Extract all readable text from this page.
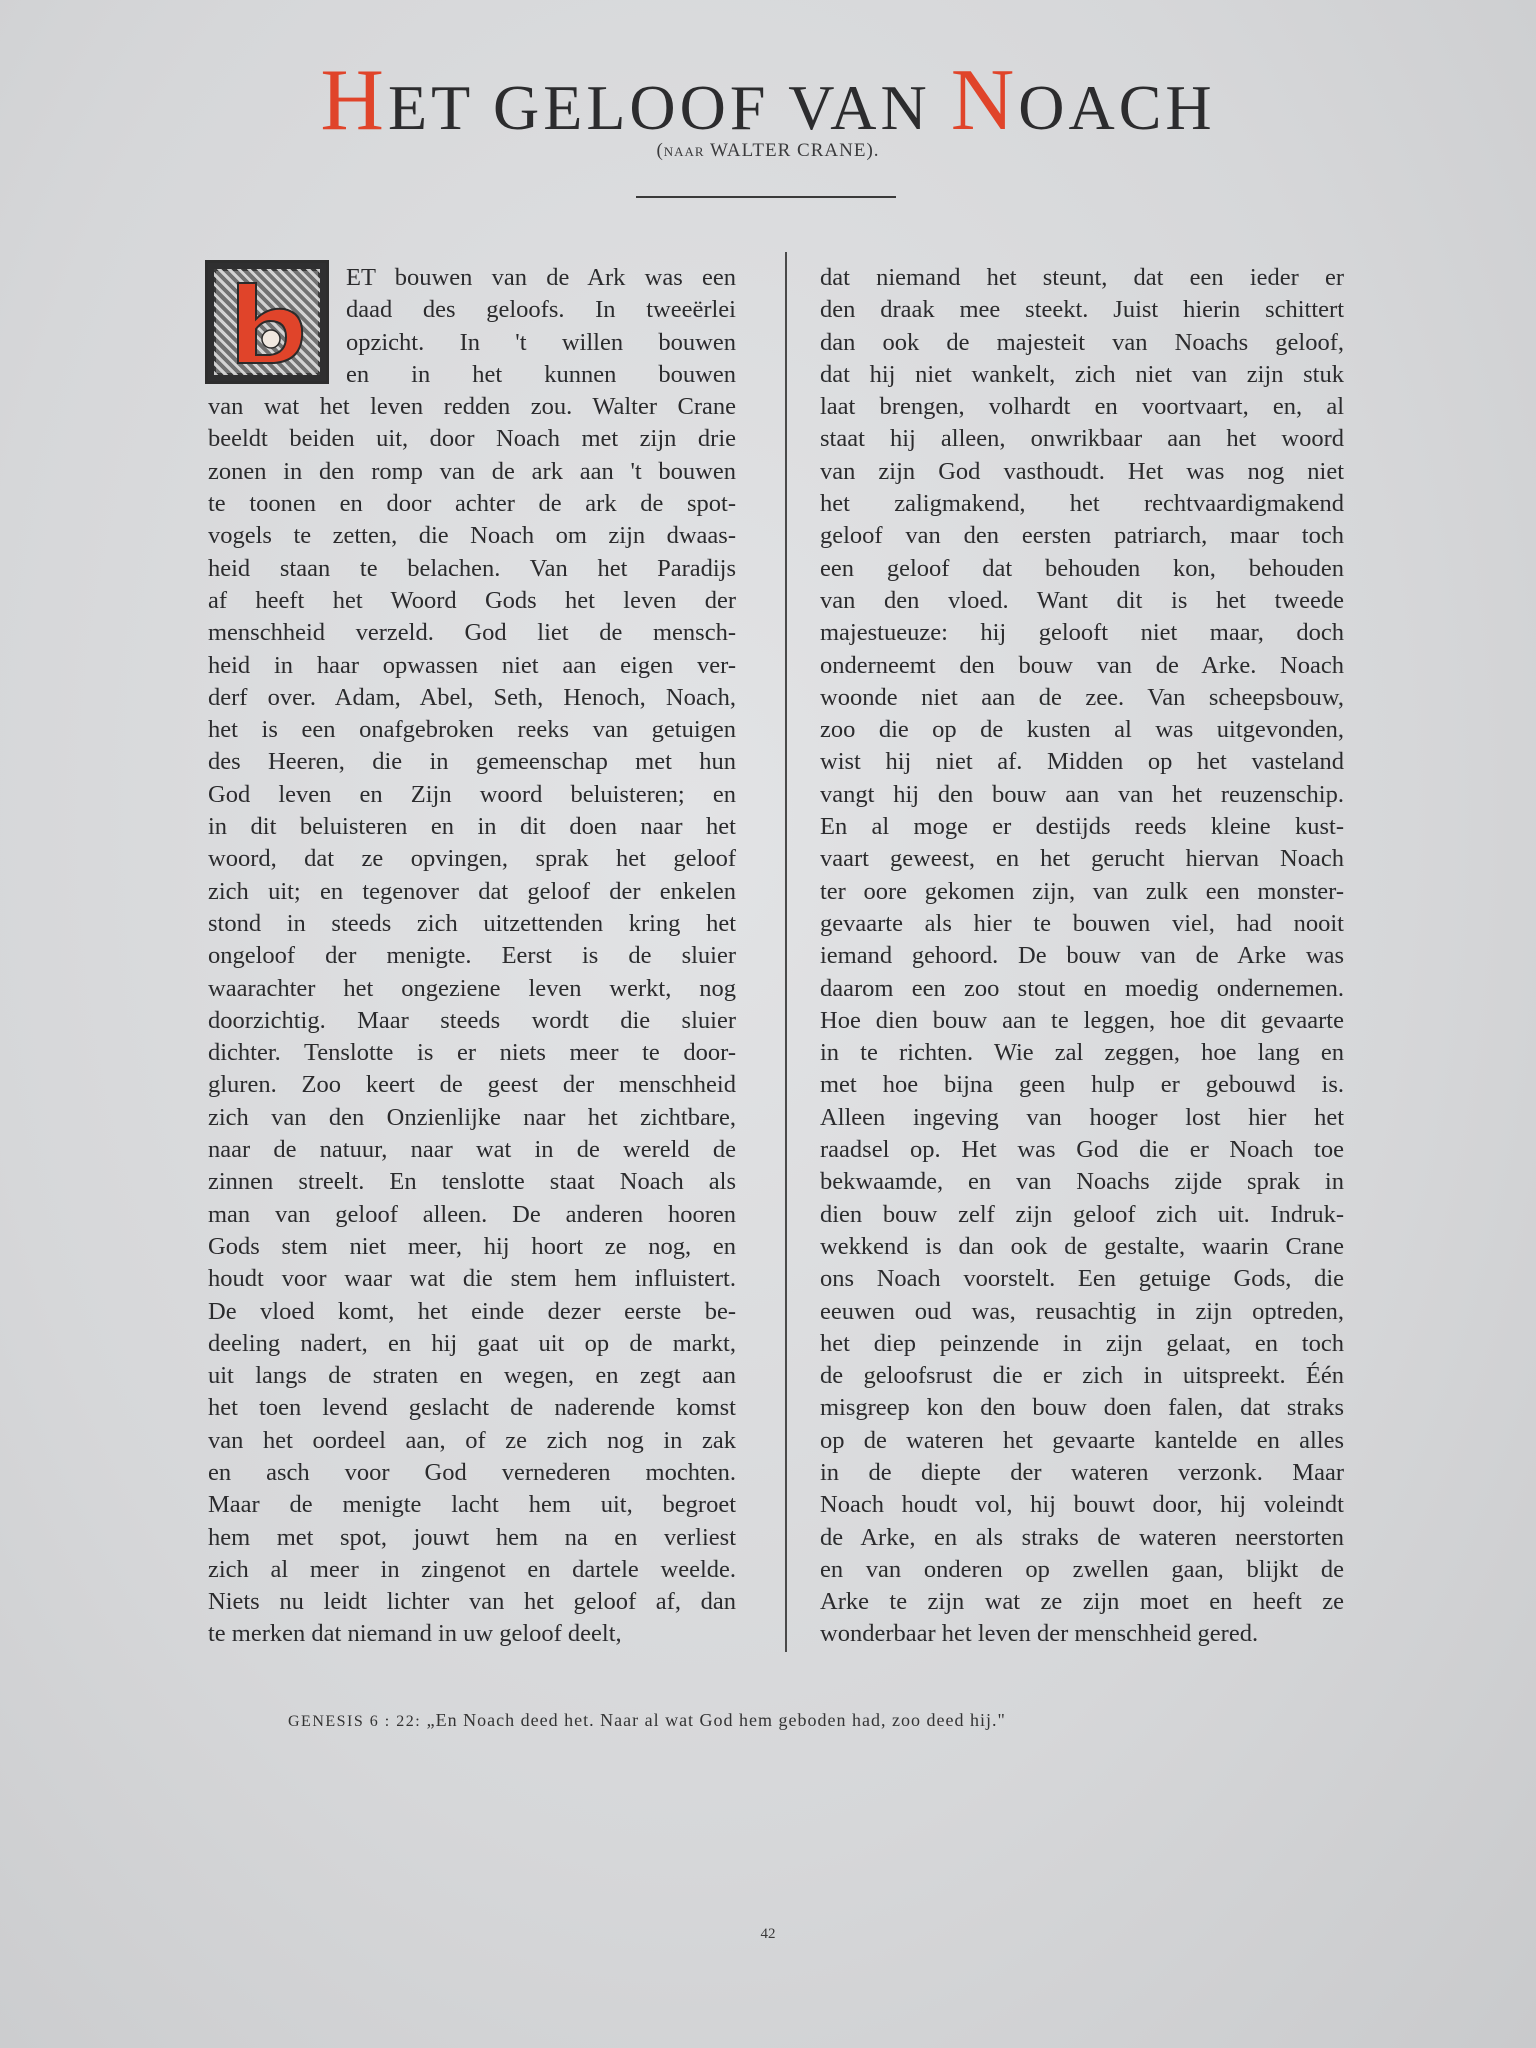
HET GELOOF VAN NOACH
(NAAR WALTER CRANE).
ET bouwen van de Ark was een
daad des geloofs. In tweeërlei
opzicht. In 't willen bouwen
en in het kunnen bouwen
van wat het leven redden zou. Walter Crane
beeldt beiden uit, door Noach met zijn drie
zonen in den romp van de ark aan 't bouwen
te toonen en door achter de ark de spot-
vogels te zetten, die Noach om zijn dwaas-
heid staan te belachen. Van het Paradijs
af heeft het Woord Gods het leven der
menschheid verzeld. God liet de mensch-
heid in haar opwassen niet aan eigen ver-
derf over. Adam, Abel, Seth, Henoch, Noach,
het is een onafgebroken reeks van getuigen
des Heeren, die in gemeenschap met hun
God leven en Zijn woord beluisteren; en
in dit beluisteren en in dit doen naar het
woord, dat ze opvingen, sprak het geloof
zich uit; en tegenover dat geloof der enkelen
stond in steeds zich uitzettenden kring het
ongeloof der menigte. Eerst is de sluier
waarachter het ongeziene leven werkt, nog
doorzichtig. Maar steeds wordt die sluier
dichter. Tenslotte is er niets meer te door-
gluren. Zoo keert de geest der menschheid
zich van den Onzienlijke naar het zichtbare,
naar de natuur, naar wat in de wereld de
zinnen streelt. En tenslotte staat Noach als
man van geloof alleen. De anderen hooren
Gods stem niet meer, hij hoort ze nog, en
houdt voor waar wat die stem hem influistert.
De vloed komt, het einde dezer eerste be-
deeling nadert, en hij gaat uit op de markt,
uit langs de straten en wegen, en zegt aan
het toen levend geslacht de naderende komst
van het oordeel aan, of ze zich nog in zak
en asch voor God vernederen mochten.
Maar de menigte lacht hem uit, begroet
hem met spot, jouwt hem na en verliest
zich al meer in zingenot en dartele weelde.
Niets nu leidt lichter van het geloof af, dan
te merken dat niemand in uw geloof deelt,
dat niemand het steunt, dat een ieder er
den draak mee steekt. Juist hierin schittert
dan ook de majesteit van Noachs geloof,
dat hij niet wankelt, zich niet van zijn stuk
laat brengen, volhardt en voortvaart, en, al
staat hij alleen, onwrikbaar aan het woord
van zijn God vasthoudt. Het was nog niet
het zaligmakend, het rechtvaardigmakend
geloof van den eersten patriarch, maar toch
een geloof dat behouden kon, behouden
van den vloed. Want dit is het tweede
majestueuze: hij gelooft niet maar, doch
onderneemt den bouw van de Arke. Noach
woonde niet aan de zee. Van scheepsbouw,
zoo die op de kusten al was uitgevonden,
wist hij niet af. Midden op het vasteland
vangt hij den bouw aan van het reuzenschip.
En al moge er destijds reeds kleine kust-
vaart geweest, en het gerucht hiervan Noach
ter oore gekomen zijn, van zulk een monster-
gevaarte als hier te bouwen viel, had nooit
iemand gehoord. De bouw van de Arke was
daarom een zoo stout en moedig ondernemen.
Hoe dien bouw aan te leggen, hoe dit gevaarte
in te richten. Wie zal zeggen, hoe lang en
met hoe bijna geen hulp er gebouwd is.
Alleen ingeving van hooger lost hier het
raadsel op. Het was God die er Noach toe
bekwaamde, en van Noachs zijde sprak in
dien bouw zelf zijn geloof zich uit. Indruk-
wekkend is dan ook de gestalte, waarin Crane
ons Noach voorstelt. Een getuige Gods, die
eeuwen oud was, reusachtig in zijn optreden,
het diep peinzende in zijn gelaat, en toch
de geloofsrust die er zich in uitspreekt. Één
misgreep kon den bouw doen falen, dat straks
op de wateren het gevaarte kantelde en alles
in de diepte der wateren verzonk. Maar
Noach houdt vol, hij bouwt door, hij voleindt
de Arke, en als straks de wateren neerstorten
en van onderen op zwellen gaan, blijkt de
Arke te zijn wat ze zijn moet en heeft ze
wonderbaar het leven der menschheid gered.
GENESIS 6 : 22: „En Noach deed het. Naar al wat God hem geboden had, zoo deed hij."
42
